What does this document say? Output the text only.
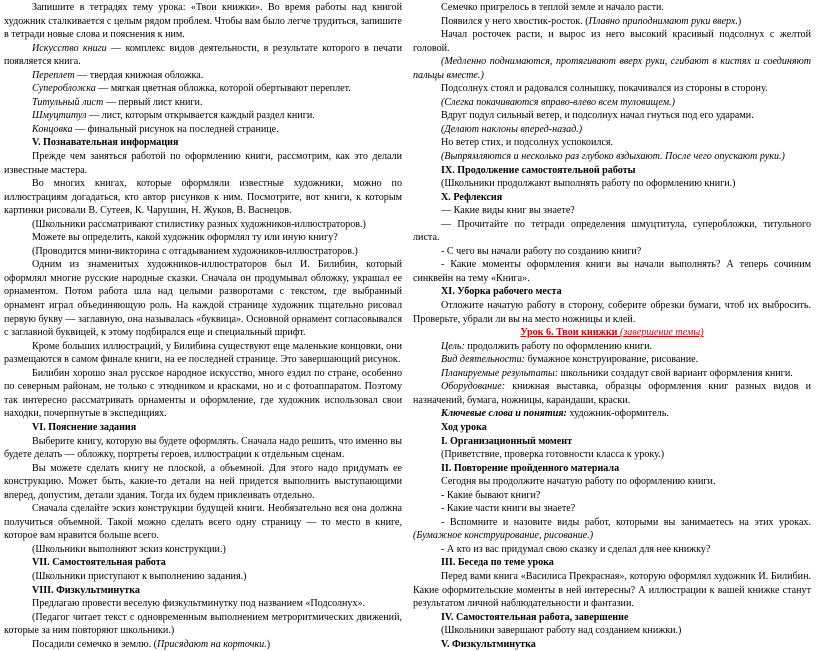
Запишите в тетрадях тему урока: «Твои книжки». Во время работы над книгой художник сталкивается с целым рядом проблем. Чтобы вам было легче трудиться, запишите в тетради новые слова и пояснения к ним.

Искусство книги — комплекс видов деятельности, в результате которого в печати появляется книга.

Переплет — твердая книжная обложка.

Суперобложка — мягкая цветная обложка, которой обертывают переплет.

Титульный лист — первый лист книги.

Шмуцтитул — лист, которым открывается каждый раздел книги.

Концовка — финальный рисунок на последней странице.

V. Познавательная информация

Прежде чем заняться работой по оформлению книги, рассмотрим, как это делали известные мастера.

Во многих книгах, которые оформляли известные художники, можно по иллюстрациям догадаться, кто автор рисунков к ним. Посмотрите, вот книги, к которым картинки рисовали В. Сутеев, К. Чарушин, Н. Жуков, В. Васнецов.

(Школьники рассматривают стилистику разных художников-иллюстраторов.)

Можете вы определить, какой художник оформлял ту или иную книгу?

(Проводится мини-викторина с отгадыванием художников-иллюстраторов.)

Одним из знаменитых художников-иллюстраторов был И. Билибин, который оформлял многие русские народные сказки. Сначала он продумывал обложку, украшал ее орнаментом. Потом работа шла над целыми разворотами с текстом, где выбранный орнамент играл объединяющую роль. На каждой странице художник тщательно рисовал первую букву — заглавную, она называлась «буквица». Основной орнамент согласовывался с заглавной буквицей, к этому подбирался еще и специальный шрифт.

Кроме больших иллюстраций, у Билибина существуют еще маленькие концовки, они размещаются в самом финале книги, на ее последней странице. Это завершающий рисунок.

Билибин хорошо знал русское народное искусство, много ездил по стране, особенно по северным районам, не только с этюдником и красками, но и с фотоаппаратом. Поэтому так интересно рассматривать орнаменты и оформление, где художник использовал свои находки, почерпнутые в экспедициях.

VI. Пояснение задания

Выберите книгу, которую вы будете оформлять. Сначала надо решить, что именно вы будете делать — обложку, портреты героев, иллюстрации к отдельным сценам.

Вы можете сделать книгу не плоской, а объемной. Для этого надо придумать ее конструкцию. Может быть, какие-то детали на ней придется выполнить выступающими вперед, допустим, детали здания. Тогда их будем приклеивать отдельно.

Сначала сделайте эскиз конструкции будущей книги. Необязательно вся она должна получиться объемной. Такой можно сделать всего одну страницу — то место в книге, которое вам нравится больше всего.

(Школьники выполняют эскиз конструкции.)

VII. Самостоятельная работа

(Школьники приступают к выполнению задания.)

VIII. Физкультминутка

Предлагаю провести веселую физкультминутку под названием «Подсолнух».

(Педагог читает текст с одновременным выполнением метроритмических движений, которые за ним повторяют школьники.)

Посадили семечко в землю. (Присядают на корточки.)

Семечко пригрелось в теплой земле и начало расти.

Появился у него хвостик-росток. (Плавно приподнимают руки вверх.)

Начал росточек расти, и вырос из него высокий красивый подсолнух с желтой головой.

(Медленно поднимаются, протягивают вверх руки, сгибают в кистях и соединяют пальцы вместе.)

Подсолнух стоял и радовался солнышку, покачивался из стороны в сторону.

(Слегка покачиваются вправо-влево всем туловищем.)

Вдруг подул сильный ветер, и подсолнух начал гнуться под его ударами.

(Делают наклоны вперед-назад.)

Но ветер стих, и подсолнух успокоился.

(Выпрямляются и несколько раз глубоко вздыхают. После чего опускают руки.)

IX. Продолжение самостоятельной работы

(Школьники продолжают выполнять работу по оформлению книги.)

X. Рефлексия

— Какие виды книг вы знаете?

— Прочитайте по тетради определения шмуцтитула, суперобложки, титульного листа.

- С чего вы начали работу по созданию книги?

- Какие моменты оформления книги вы начали выполнять? А теперь сочиним синквейн на тему «Книга».

XI. Уборка рабочего места

Отложите начатую работу в сторону, соберите обрезки бумаги, чтоб их выбросить. Проверьте, убрали ли вы на место ножницы и клей.

Урок 6. Твои книжки (завершение темы)

Цель: продолжить работу по оформлению книги.

Вид деятельности: бумажное конструирование, рисование.

Планируемые результаты: школьники создадут свой вариант оформления книги.

Оборудование: книжная выставка, образцы оформления книг разных видов и назначений, бумага, ножницы, карандаши, краски.

Ключевые слова и понятия: художник-оформитель.

Ход урока

I. Организационный момент

(Приветствие, проверка готовности класса к уроку.)

II. Повторение пройденного материала

Сегодня вы продолжите начатую работу по оформлению книги.

- Какие бывают книги?

- Какие части книги вы знаете?

- Вспомните и назовите виды работ, которыми вы занимаетесь на этих уроках. (Бумажное конструирование, рисование.)

- А кто из вас придумал свою сказку и сделал для нее книжку?

III. Беседа по теме урока

Перед вами книга «Василиса Прекрасная», которую оформлял художник И. Билибин. Какие оформительские моменты в ней интересны? А иллюстрации к вашей книжке станут результатом личной наблюдательности и фантазии.

IV. Самостоятельная работа, завершение

(Школьники завершают работу над созданием книжки.)

V. Физкультминутка
